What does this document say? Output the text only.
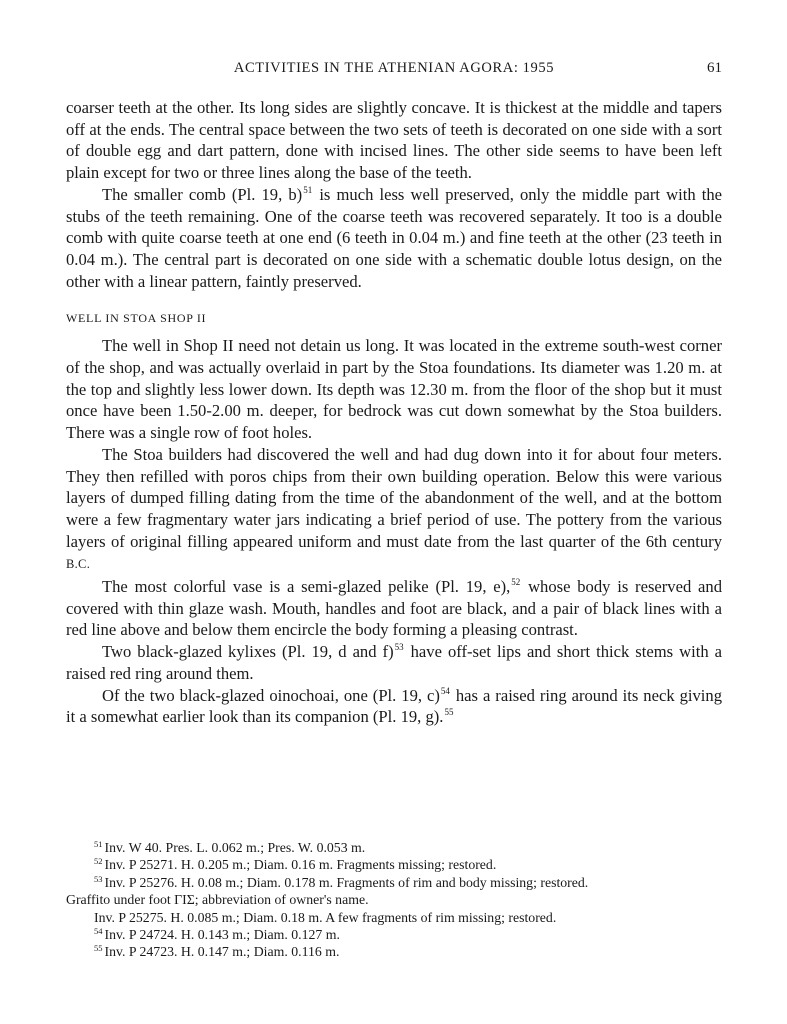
ACTIVITIES IN THE ATHENIAN AGORA: 1955	61

coarser teeth at the other. Its long sides are slightly concave. It is thickest at the middle and tapers off at the ends. The central space between the two sets of teeth is decorated on one side with a sort of double egg and dart pattern, done with incised lines. The other side seems to have been left plain except for two or three lines along the base of the teeth.

The smaller comb (Pl. 19, b)$^{51}$ is much less well preserved, only the middle part with the stubs of the teeth remaining. One of the coarse teeth was recovered separately. It too is a double comb with quite coarse teeth at one end (6 teeth in 0.04 m.) and fine teeth at the other (23 teeth in 0.04 m.). The central part is decorated on one side with a schematic double lotus design, on the other with a linear pattern, faintly preserved.

WELL IN STOA SHOP II

The well in Shop II need not detain us long. It was located in the extreme south-west corner of the shop, and was actually overlaid in part by the Stoa foundations. Its diameter was 1.20 m. at the top and slightly less lower down. Its depth was 12.30 m. from the floor of the shop but it must once have been 1.50-2.00 m. deeper, for bedrock was cut down somewhat by the Stoa builders. There was a single row of foot holes.

The Stoa builders had discovered the well and had dug down into it for about four meters. They then refilled with poros chips from their own building operation. Below this were various layers of dumped filling dating from the time of the abandonment of the well, and at the bottom were a few fragmentary water jars indicating a brief period of use. The pottery from the various layers of original filling appeared uniform and must date from the last quarter of the 6th century B.C.

The most colorful vase is a semi-glazed pelike (Pl. 19, e),$^{52}$ whose body is reserved and covered with thin glaze wash. Mouth, handles and foot are black, and a pair of black lines with a red line above and below them encircle the body forming a pleasing contrast.

Two black-glazed kylixes (Pl. 19, d and f)$^{53}$ have off-set lips and short thick stems with a raised red ring around them.

Of the two black-glazed oinochoai, one (Pl. 19, c)$^{54}$ has a raised ring around its neck giving it a somewhat earlier look than its companion (Pl. 19, g).$^{55}$

$^{51}$ Inv. W 40. Pres. L. 0.062 m.; Pres. W. 0.053 m.

$^{52}$ Inv. P 25271. H. 0.205 m.; Diam. 0.16 m. Fragments missing; restored.

$^{53}$ Inv. P 25276. H. 0.08 m.; Diam. 0.178 m. Fragments of rim and body missing; restored.

Graffito under foot ΓΙΣ; abbreviation of owner's name.

Inv. P 25275. H. 0.085 m.; Diam. 0.18 m. A few fragments of rim missing; restored.

$^{54}$ Inv. P 24724. H. 0.143 m.; Diam. 0.127 m.

$^{55}$ Inv. P 24723. H. 0.147 m.; Diam. 0.116 m.
